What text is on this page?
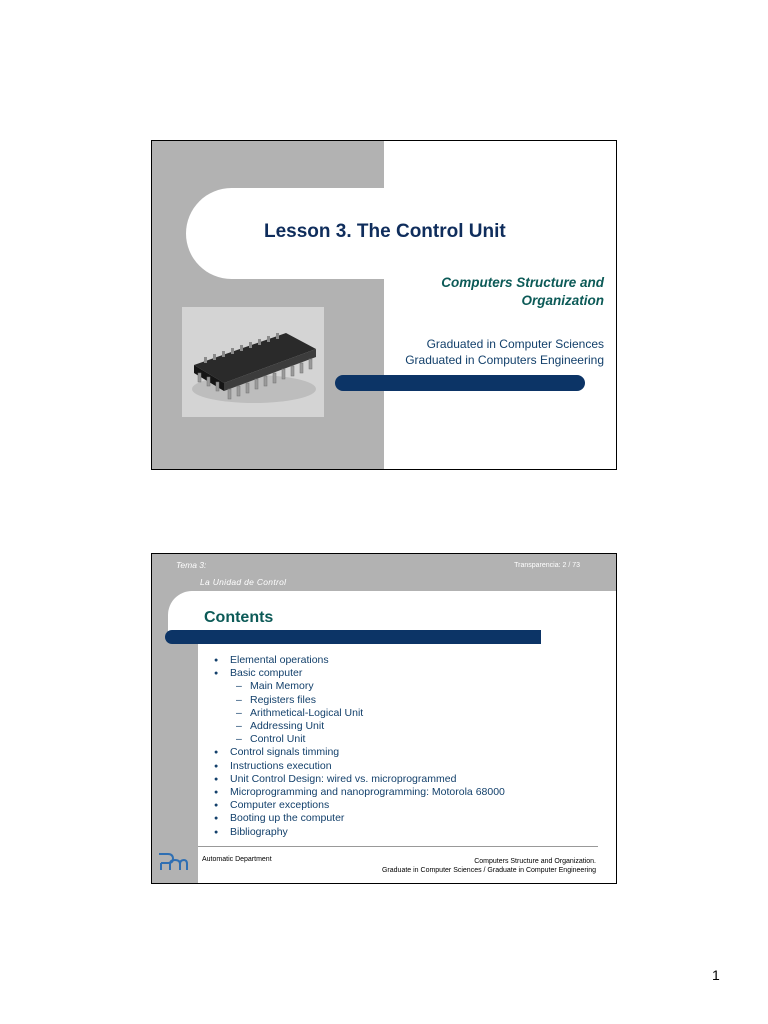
Lesson 3. The Control Unit
Computers Structure and
Organization
Graduated in Computer Sciences
Graduated in Computers Engineering
Tema 3:
La Unidad de Control
Transparencia: 2 / 73
Contents
● Elemental operations
● Basic computer
– Main Memory
– Registers files
– Arithmetical-Logical Unit
– Addressing Unit
– Control Unit
● Control signals timming
● Instructions execution
● Unit Control Design: wired vs. microprogrammed
● Microprogramming and nanoprogramming: Motorola 68000
● Computer exceptions
● Booting up the computer
● Bibliography
Automatic Department	Computers Structure and Organization.
Graduate in Computer Sciences / Graduate in Computer Engineering
1
